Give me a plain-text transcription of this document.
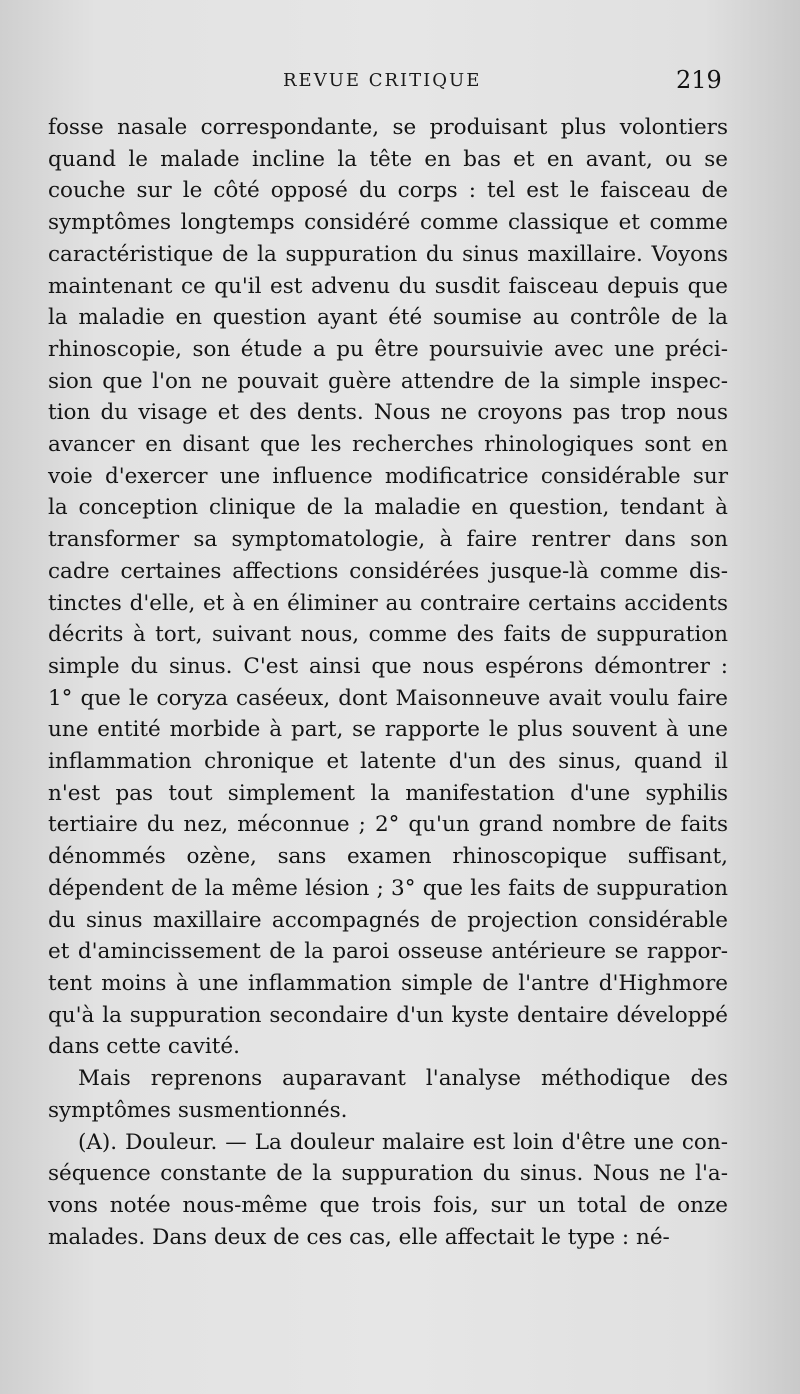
REVUE CRITIQUE	219
fosse nasale correspondante, se produisant plus volontiers
quand le malade incline la tête en bas et en avant, ou se
couche sur le côté opposé du corps : tel est le faisceau de
symptômes longtemps considéré comme classique et comme
caractéristique de la suppuration du sinus maxillaire. Voyons
maintenant ce qu'il est advenu du susdit faisceau depuis que
la maladie en question ayant été soumise au contrôle de la
rhinoscopie, son étude a pu être poursuivie avec une préci-
sion que l'on ne pouvait guère attendre de la simple inspec-
tion du visage et des dents. Nous ne croyons pas trop nous
avancer en disant que les recherches rhinologiques sont en
voie d'exercer une influence modificatrice considérable sur
la conception clinique de la maladie en question, tendant à
transformer sa symptomatologie, à faire rentrer dans son
cadre certaines affections considérées jusque-là comme dis-
tinctes d'elle, et à en éliminer au contraire certains accidents
décrits à tort, suivant nous, comme des faits de suppuration
simple du sinus. C'est ainsi que nous espérons démontrer :
1° que le coryza caséeux, dont Maisonneuve avait voulu faire
une entité morbide à part, se rapporte le plus souvent à une
inflammation chronique et latente d'un des sinus, quand il
n'est pas tout simplement la manifestation d'une syphilis
tertiaire du nez, méconnue ; 2° qu'un grand nombre de faits
dénommés ozène, sans examen rhinoscopique suffisant,
dépendent de la même lésion ; 3° que les faits de suppuration
du sinus maxillaire accompagnés de projection considérable
et d'amincissement de la paroi osseuse antérieure se rappor-
tent moins à une inflammation simple de l'antre d'Highmore
qu'à la suppuration secondaire d'un kyste dentaire développé
dans cette cavité.
Mais reprenons auparavant l'analyse méthodique des
symptômes susmentionnés.
(A). Douleur. — La douleur malaire est loin d'être une con-
séquence constante de la suppuration du sinus. Nous ne l'a-
vons notée nous-même que trois fois, sur un total de onze
malades. Dans deux de ces cas, elle affectait le type : né-
